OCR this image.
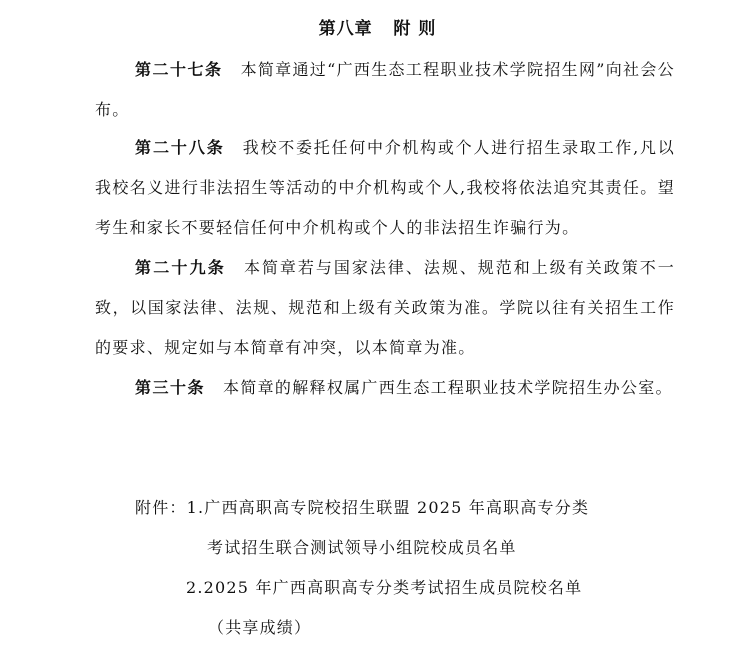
第八章   附 则

第二十七条 本简章通过“广西生态工程职业技术学院招生网”向社会公布。

第二十八条 我校不委托任何中介机构或个人进行招生录取工作,凡以我校名义进行非法招生等活动的中介机构或个人,我校将依法追究其责任。望考生和家长不要轻信任何中介机构或个人的非法招生诈骗行为。

第二十九条 本简章若与国家法律、法规、规范和上级有关政策不一致，以国家法律、法规、规范和上级有关政策为准。学院以往有关招生工作的要求、规定如与本简章有冲突，以本简章为准。

第三十条 本简章的解释权属广西生态工程职业技术学院招生办公室。

附件：1.广西高职高专院校招生联盟 2025 年高职高专分类
考试招生联合测试领导小组院校成员名单
2.2025 年广西高职高专分类考试招生成员院校名单
（共享成绩）
